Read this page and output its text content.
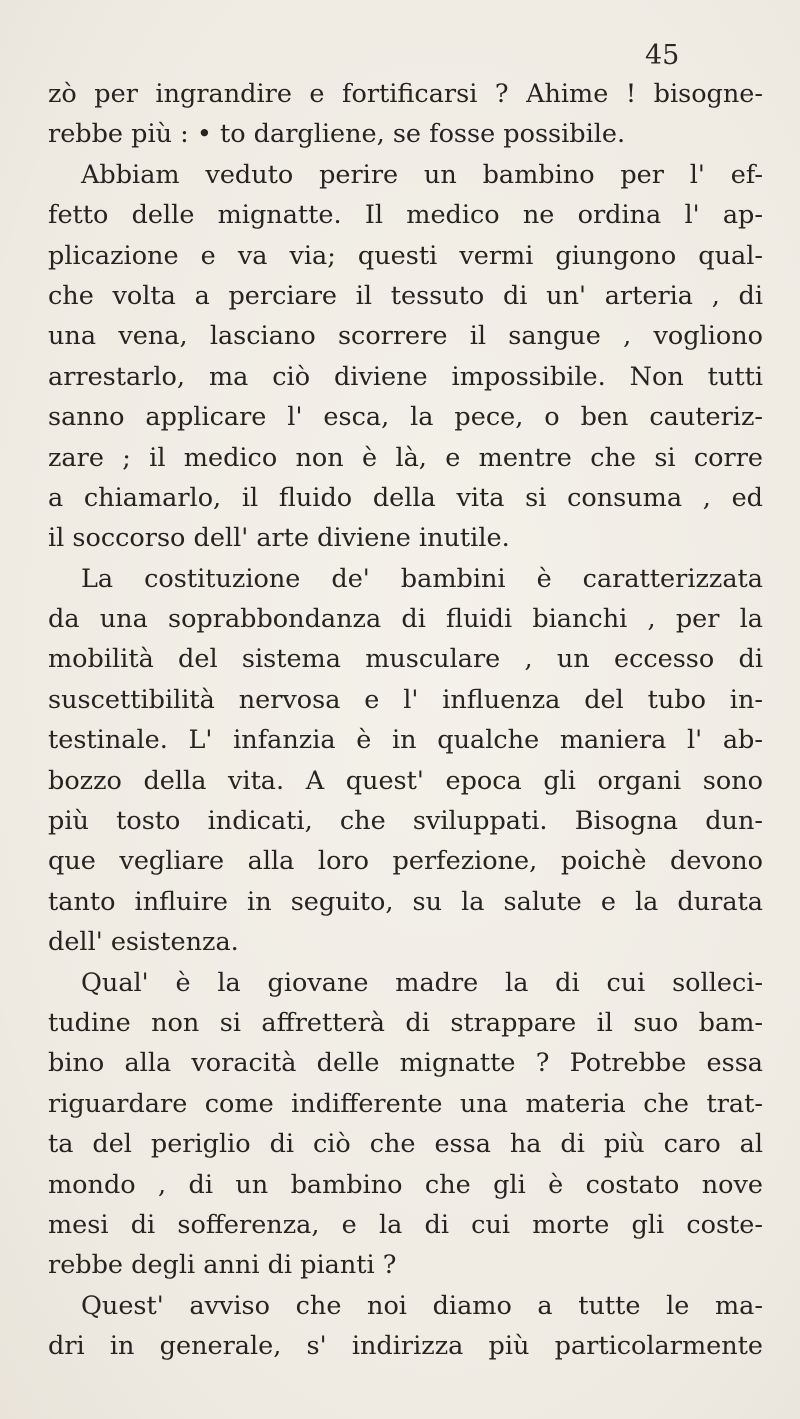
45
zò per ingrandire e fortificarsi ? Ahime ! bisogne-
rebbe più : • to dargliene, se fosse possibile.
Abbiam veduto perire un bambino per l' ef-
fetto delle mignatte. Il medico ne ordina l' ap-
plicazione e va via; questi vermi giungono qual-
che volta a perciare il tessuto di un' arteria , di
una vena, lasciano scorrere il sangue , vogliono
arrestarlo, ma ciò diviene impossibile. Non tutti
sanno applicare l' esca, la pece, o ben cauteriz-
zare ; il medico non è là, e mentre che si corre
a chiamarlo, il fluido della vita si consuma , ed
il soccorso dell' arte diviene inutile.
La costituzione de' bambini è caratterizzata
da una soprabbondanza di fluidi bianchi , per la
mobilità del sistema musculare , un eccesso di
suscettibilità nervosa e l' influenza del tubo in-
testinale. L' infanzia è in qualche maniera l' ab-
bozzo della vita. A quest' epoca gli organi sono
più tosto indicati, che sviluppati. Bisogna dun-
que vegliare alla loro perfezione, poichè devono
tanto influire in seguito, su la salute e la durata
dell' esistenza.
Qual' è la giovane madre la di cui solleci-
tudine non si affretterà di strappare il suo bam-
bino alla voracità delle mignatte ? Potrebbe essa
riguardare come indifferente una materia che trat-
ta del periglio di ciò che essa ha di più caro al
mondo , di un bambino che gli è costato nove
mesi di sofferenza, e la di cui morte gli coste-
rebbe degli anni di pianti ?
Quest' avviso che noi diamo a tutte le ma-
dri in generale, s' indirizza più particolarmente
